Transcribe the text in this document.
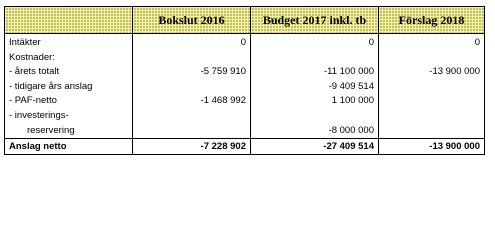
	Bokslut 2016	Budget 2017 inkl. tb	Förslag 2018
Intäkter	0	0	0
Kostnader:			
- årets totalt	-5 759 910	-11 100 000	-13 900 000
- tidigare års anslag		-9 409 514	
- PAF-netto	-1 468 992	1 100 000	
- investerings-			
reservering		-8 000 000	
Anslag netto	-7 228 902	-27 409 514	-13 900 000
